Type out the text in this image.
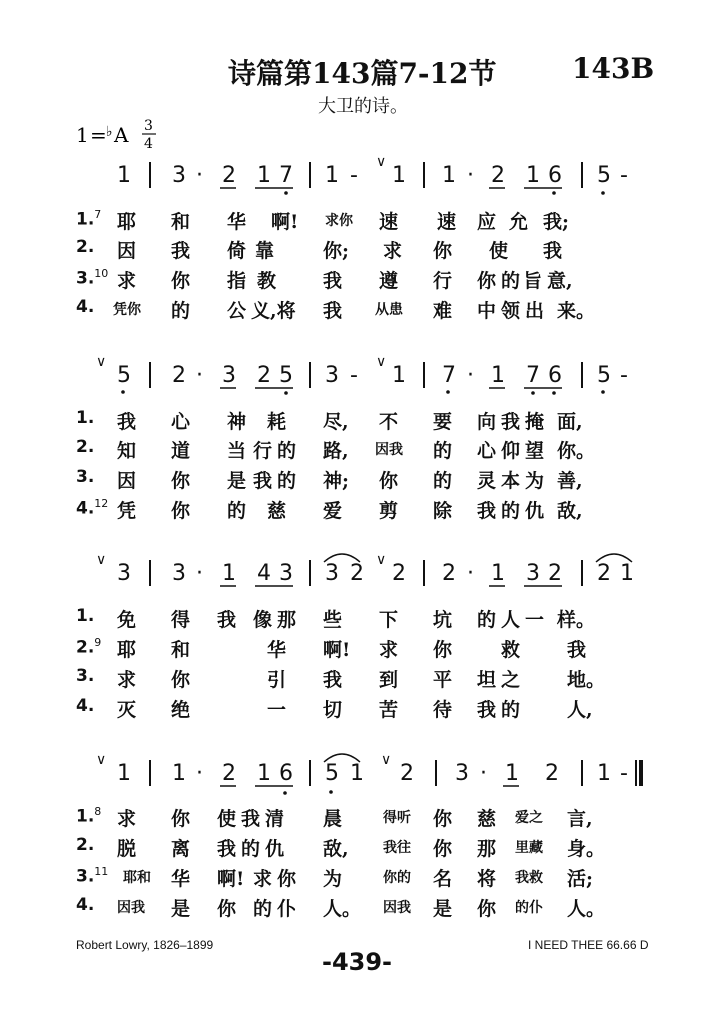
诗篇第143篇7-12节	143B
大卫的诗。
1 = ♭ A 3
4
1 3 · 2 1 7 1 - 1 1 · 2 1 6 5 -
5 2 · 3 2 5 3 - 1 7 · 1 7 6 5 -
3 3 · 1 4 3 3 2 2 2 · 1 3 2 2 1
1 1 · 2 1 6 5 1 2 3 · 1 2 1 -
∨
∨	∨
∨	∨
∨	∨
1.$^7$ 耶 和 华 啊! 求你 速 速 应 允 我;
2. 因 我 倚 靠	你; 求 你 使 我
3.10 求 你 指 教 我 遵 行 你 的 旨 意,
4. 凭你 的 公 义,将 我 从患 难 中 领 出 来。
1. 我 心 神 耗 尽, 不 要 向 我 掩 面,
2. 知 道 当 行 的 路, 因我 的 心 仰 望 你。
3. 因 你 是 我 的 神; 你 的 灵 本 为 善,
4.12 凭 你 的 慈 爱 剪 除 我 的 仇 敌,
1. 免 得 我 像 那 些 下 坑 的 人 一 样。
2.$^9$ 耶 和	华 啊! 求 你	救 我
3. 求 你	引 我 到 平 坦 之 地。
4. 灭 绝	一 切 苦 待 我 的 人,
1.$^8$ 求 你 使 我 清 晨	得听 你 慈 爱之 言,
2. 脱 离 我 的 仇 敌, 我往 你 那 里藏 身。
3.11 耶和 华 啊! 求 你 为	你的 名 将 我救 活;
4. 因我 是 你 的 仆 人。 因我 是 你 的仆 人。
Robert Lowry, 1826–1899
-439-
I NEED THEE 66.66 D
